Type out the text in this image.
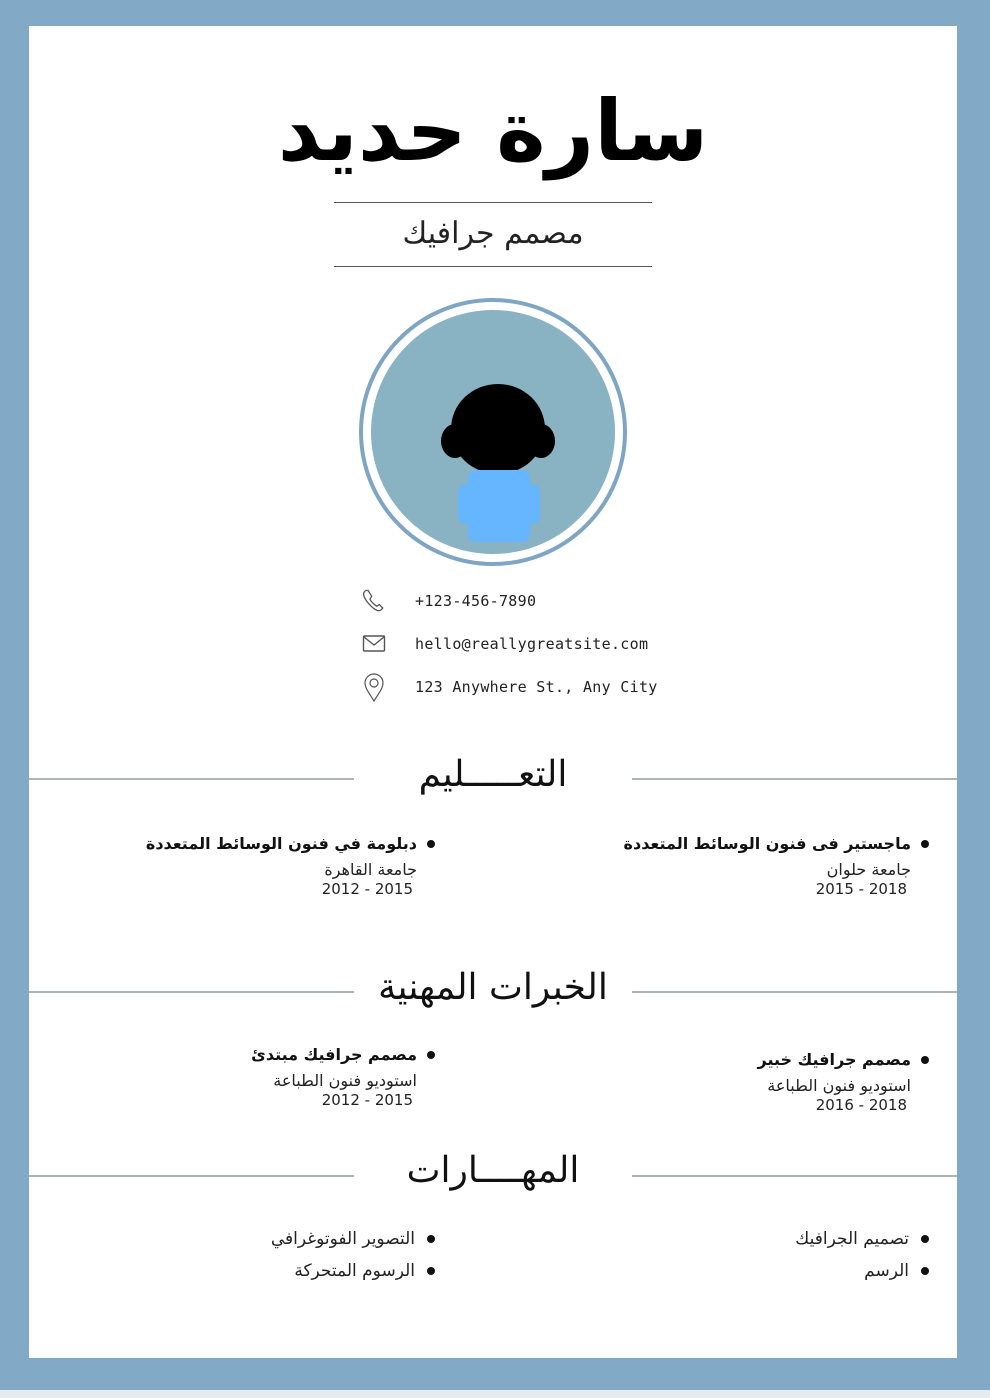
سارة حديد
مصمم جرافيك
+123-456-7890
hello@reallygreatsite.com
123 Anywhere St., Any City
التعـــــليم
ماجستير فى فنون الوسائط المتعددة
جامعة حلوان
2015 - 2018
دبلومة في فنون الوسائط المتعددة
جامعة القاهرة
2012 - 2015
الخبرات المهنية
مصمم جرافيك خبير
استوديو فنون الطباعة
2016 - 2018
مصمم جرافيك مبتدئ
استوديو فنون الطباعة
2012 - 2015
المهــــارات
تصميم الجرافيك
الرسم
التصوير الفوتوغرافي
الرسوم المتحركة
